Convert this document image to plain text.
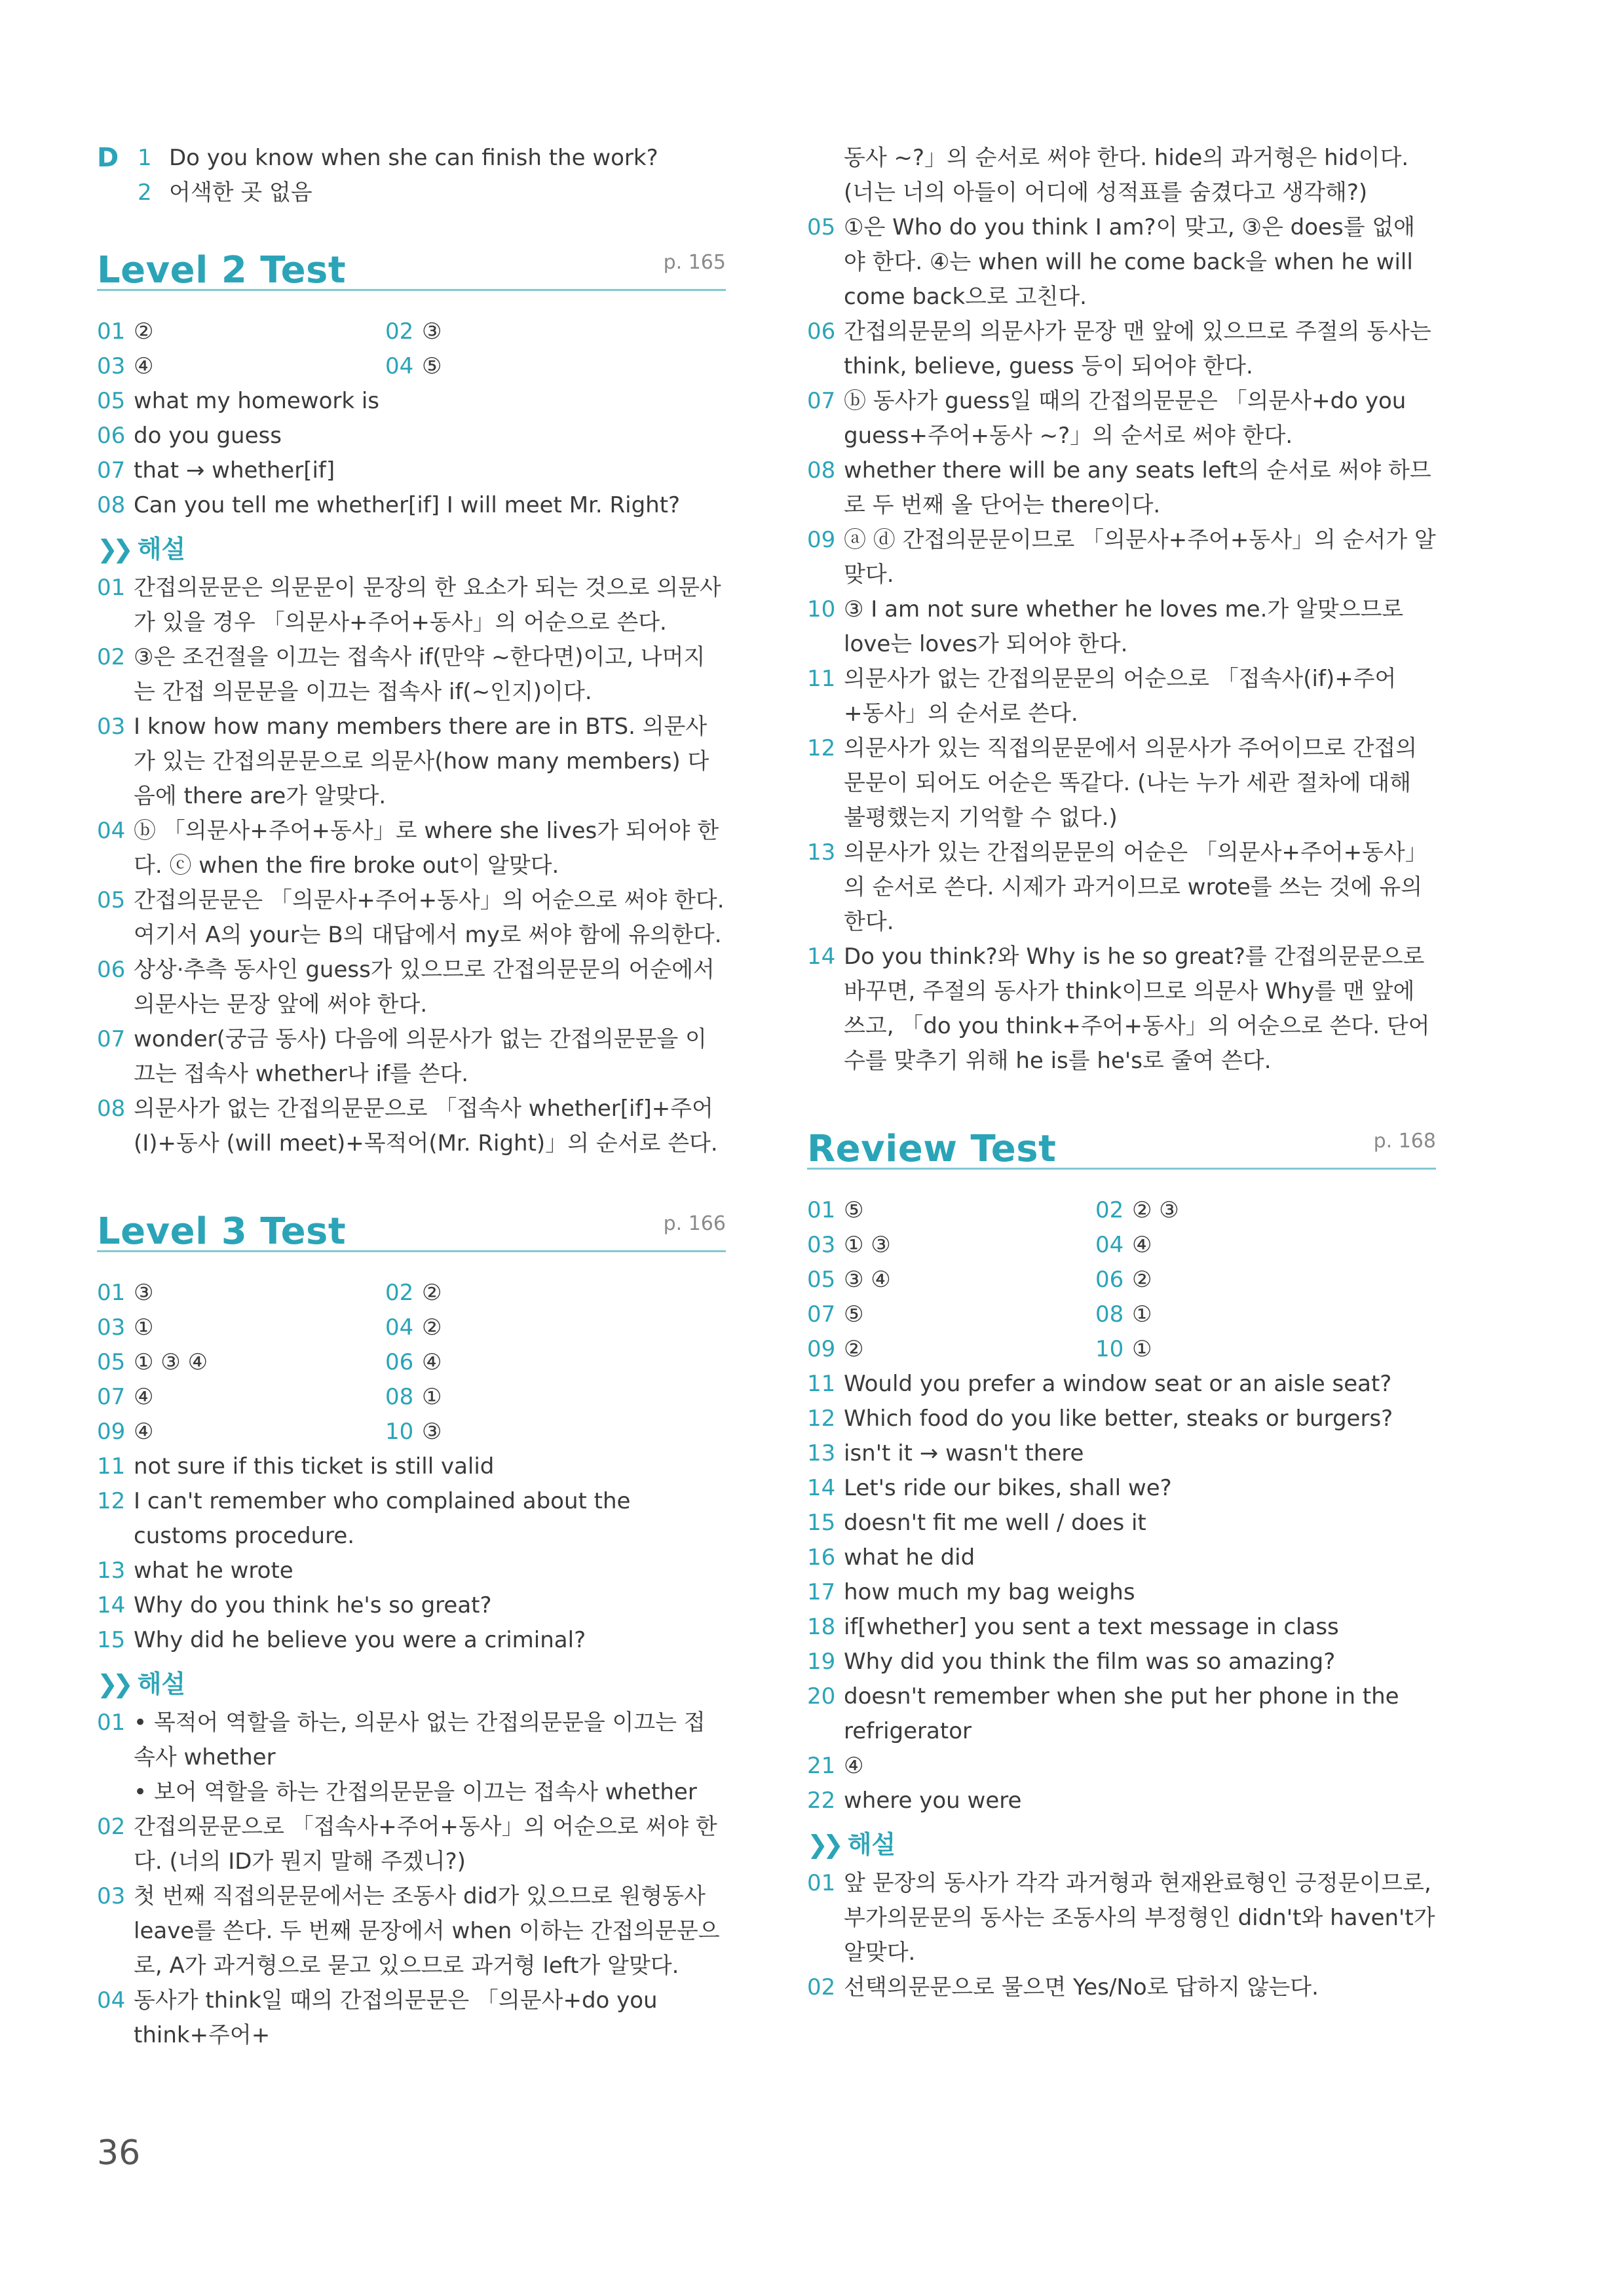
D 1 Do you know when she can finish the work?
2 어색한 곳 없음
Level 2 Test	p. 165
01 ②	02 ③
03 ④	04 ⑤
05 what my homework is
06 do you guess
07 that → whether[if]
08 Can you tell me whether[if] I will meet Mr. Right?
❯❯ 해설
01 간접의문문은 의문문이 문장의 한 요소가 되는 것으로 의문사가 있을 경우 「의문사+주어+동사」의 어순으로 쓴다.
02 ③은 조건절을 이끄는 접속사 if(만약 ~한다면)이고, 나머지는 간접 의문문을 이끄는 접속사 if(~인지)이다.
03 I know how many members there are in BTS. 의문사가 있는 간접의문문으로 의문사(how many members) 다음에 there are가 알맞다.
04 ⓑ 「의문사+주어+동사」로 where she lives가 되어야 한다. ⓒ when the fire broke out이 알맞다.
05 간접의문문은 「의문사+주어+동사」의 어순으로 써야 한다. 여기서 A의 your는 B의 대답에서 my로 써야 함에 유의한다.
06 상상·추측 동사인 guess가 있으므로 간접의문문의 어순에서 의문사는 문장 앞에 써야 한다.
07 wonder(궁금 동사) 다음에 의문사가 없는 간접의문문을 이끄는 접속사 whether나 if를 쓴다.
08 의문사가 없는 간접의문문으로 「접속사 whether[if]+주어 (I)+동사 (will meet)+목적어(Mr. Right)」의 순서로 쓴다.
Level 3 Test	p. 166
01 ③	02 ②
03 ①	04 ②
05 ① ③ ④	06 ④
07 ④	08 ①
09 ④	10 ③
11 not sure if this ticket is still valid
12 I can't remember who complained about the customs procedure.
13 what he wrote
14 Why do you think he's so great?
15 Why did he believe you were a criminal?
❯❯ 해설
01 • 목적어 역할을 하는, 의문사 없는 간접의문문을 이끄는 접속사 whether
• 보어 역할을 하는 간접의문문을 이끄는 접속사 whether
02 간접의문문으로 「접속사+주어+동사」의 어순으로 써야 한다. (너의 ID가 뭔지 말해 주겠니?)
03 첫 번째 직접의문문에서는 조동사 did가 있으므로 원형동사 leave를 쓴다. 두 번째 문장에서 when 이하는 간접의문문으로, A가 과거형으로 묻고 있으므로 과거형 left가 알맞다.
04 동사가 think일 때의 간접의문문은 「의문사+do you think+주어+
동사 ~?」의 순서로 써야 한다. hide의 과거형은 hid이다. (너는 너의 아들이 어디에 성적표를 숨겼다고 생각해?)
05 ①은 Who do you think I am?이 맞고, ③은 does를 없애야 한다. ④는 when will he come back을 when he will come back으로 고친다.
06 간접의문문의 의문사가 문장 맨 앞에 있으므로 주절의 동사는 think, believe, guess 등이 되어야 한다.
07 ⓑ 동사가 guess일 때의 간접의문문은 「의문사+do you guess+주어+동사 ~?」의 순서로 써야 한다.
08 whether there will be any seats left의 순서로 써야 하므로 두 번째 올 단어는 there이다.
09 ⓐ ⓓ 간접의문문이므로 「의문사+주어+동사」의 순서가 알맞다.
10 ③ I am not sure whether he loves me.가 알맞으므로 love는 loves가 되어야 한다.
11 의문사가 없는 간접의문문의 어순으로 「접속사(if)+주어+동사」의 순서로 쓴다.
12 의문사가 있는 직접의문문에서 의문사가 주어이므로 간접의문문이 되어도 어순은 똑같다. (나는 누가 세관 절차에 대해 불평했는지 기억할 수 없다.)
13 의문사가 있는 간접의문문의 어순은 「의문사+주어+동사」의 순서로 쓴다. 시제가 과거이므로 wrote를 쓰는 것에 유의한다.
14 Do you think?와 Why is he so great?를 간접의문문으로 바꾸면, 주절의 동사가 think이므로 의문사 Why를 맨 앞에 쓰고, 「do you think+주어+동사」의 어순으로 쓴다. 단어 수를 맞추기 위해 he is를 he's로 줄여 쓴다.
Review Test	p. 168
01 ⑤	02 ② ③
03 ① ③	04 ④
05 ③ ④	06 ②
07 ⑤	08 ①
09 ②	10 ①
11 Would you prefer a window seat or an aisle seat?
12 Which food do you like better, steaks or burgers?
13 isn't it → wasn't there
14 Let's ride our bikes, shall we?
15 doesn't fit me well / does it
16 what he did
17 how much my bag weighs
18 if[whether] you sent a text message in class
19 Why did you think the film was so amazing?
20 doesn't remember when she put her phone in the refrigerator
21 ④
22 where you were
❯❯ 해설
01 앞 문장의 동사가 각각 과거형과 현재완료형인 긍정문이므로, 부가의문문의 동사는 조동사의 부정형인 didn't와 haven't가 알맞다.
02 선택의문문으로 물으면 Yes/No로 답하지 않는다.
36
